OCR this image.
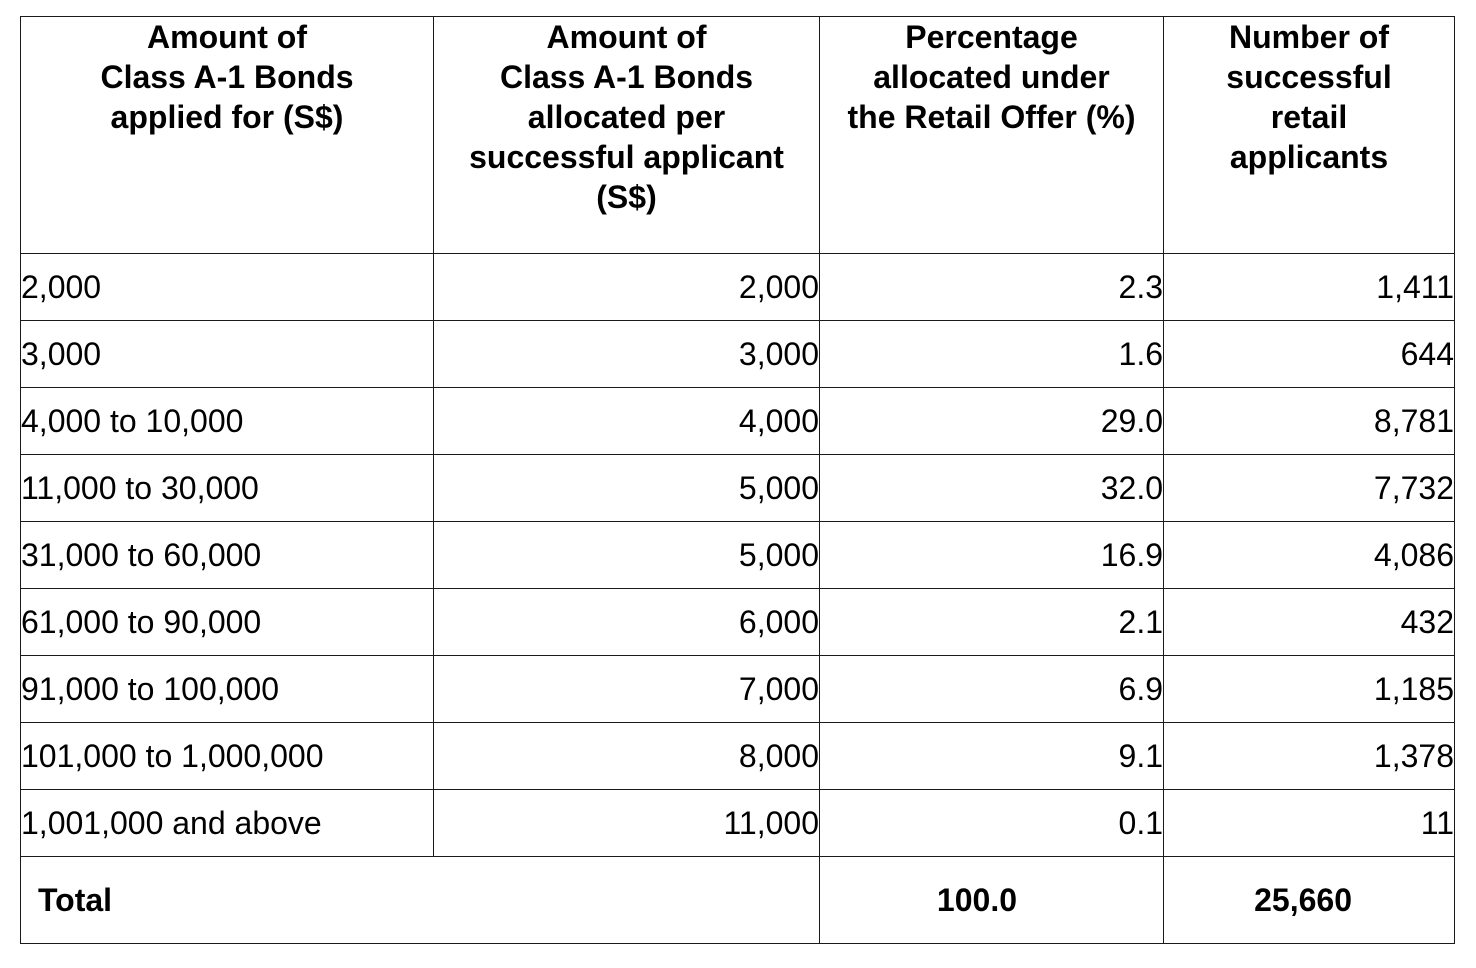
Amount of
Class A-1 Bonds
applied for (S$)	Amount of
Class A-1 Bonds
allocated per
successful applicant
(S$)	Percentage
allocated under
the Retail Offer (%)	Number of
successful
retail
applicants

2,000	2,000	2.3	1,411
3,000	3,000	1.6	644
4,000 to 10,000	4,000	29.0	8,781
11,000 to 30,000	5,000	32.0	7,732
31,000 to 60,000	5,000	16.9	4,086
61,000 to 90,000	6,000	2.1	432
91,000 to 100,000	7,000	6.9	1,185
101,000 to 1,000,000	8,000	9.1	1,378
1,001,000 and above	11,000	0.1	11
Total		100.0	25,660
